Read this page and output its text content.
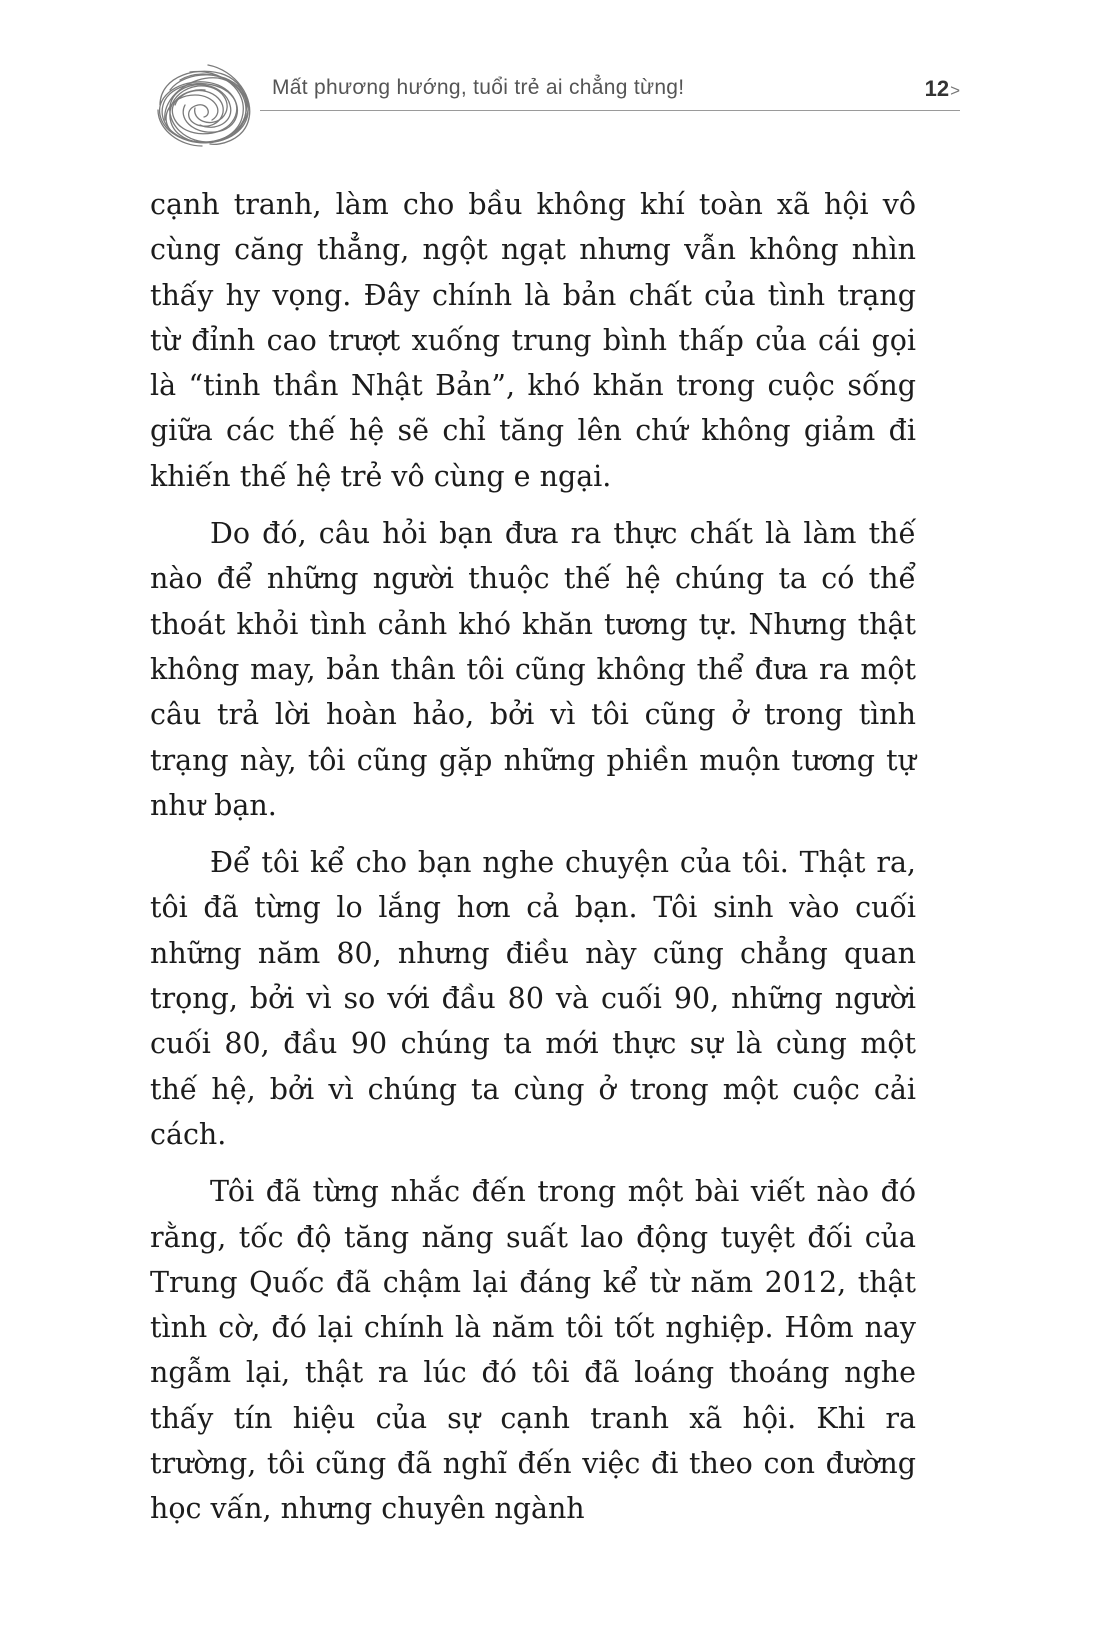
Mất phương hướng, tuổi trẻ ai chẳng từng!	12>

cạnh tranh, làm cho bầu không khí toàn xã hội vô cùng căng thẳng, ngột ngạt nhưng vẫn không nhìn thấy hy vọng. Đây chính là bản chất của tình trạng từ đỉnh cao trượt xuống trung bình thấp của cái gọi là “tinh thần Nhật Bản”, khó khăn trong cuộc sống giữa các thế hệ sẽ chỉ tăng lên chứ không giảm đi khiến thế hệ trẻ vô cùng e ngại.

Do đó, câu hỏi bạn đưa ra thực chất là làm thế nào để những người thuộc thế hệ chúng ta có thể thoát khỏi tình cảnh khó khăn tương tự. Nhưng thật không may, bản thân tôi cũng không thể đưa ra một câu trả lời hoàn hảo, bởi vì tôi cũng ở trong tình trạng này, tôi cũng gặp những phiền muộn tương tự như bạn.

Để tôi kể cho bạn nghe chuyện của tôi. Thật ra, tôi đã từng lo lắng hơn cả bạn. Tôi sinh vào cuối những năm 80, nhưng điều này cũng chẳng quan trọng, bởi vì so với đầu 80 và cuối 90, những người cuối 80, đầu 90 chúng ta mới thực sự là cùng một thế hệ, bởi vì chúng ta cùng ở trong một cuộc cải cách.

Tôi đã từng nhắc đến trong một bài viết nào đó rằng, tốc độ tăng năng suất lao động tuyệt đối của Trung Quốc đã chậm lại đáng kể từ năm 2012, thật tình cờ, đó lại chính là năm tôi tốt nghiệp. Hôm nay ngẫm lại, thật ra lúc đó tôi đã loáng thoáng nghe thấy tín hiệu của sự cạnh tranh xã hội. Khi ra trường, tôi cũng đã nghĩ đến việc đi theo con đường học vấn, nhưng chuyên ngành
